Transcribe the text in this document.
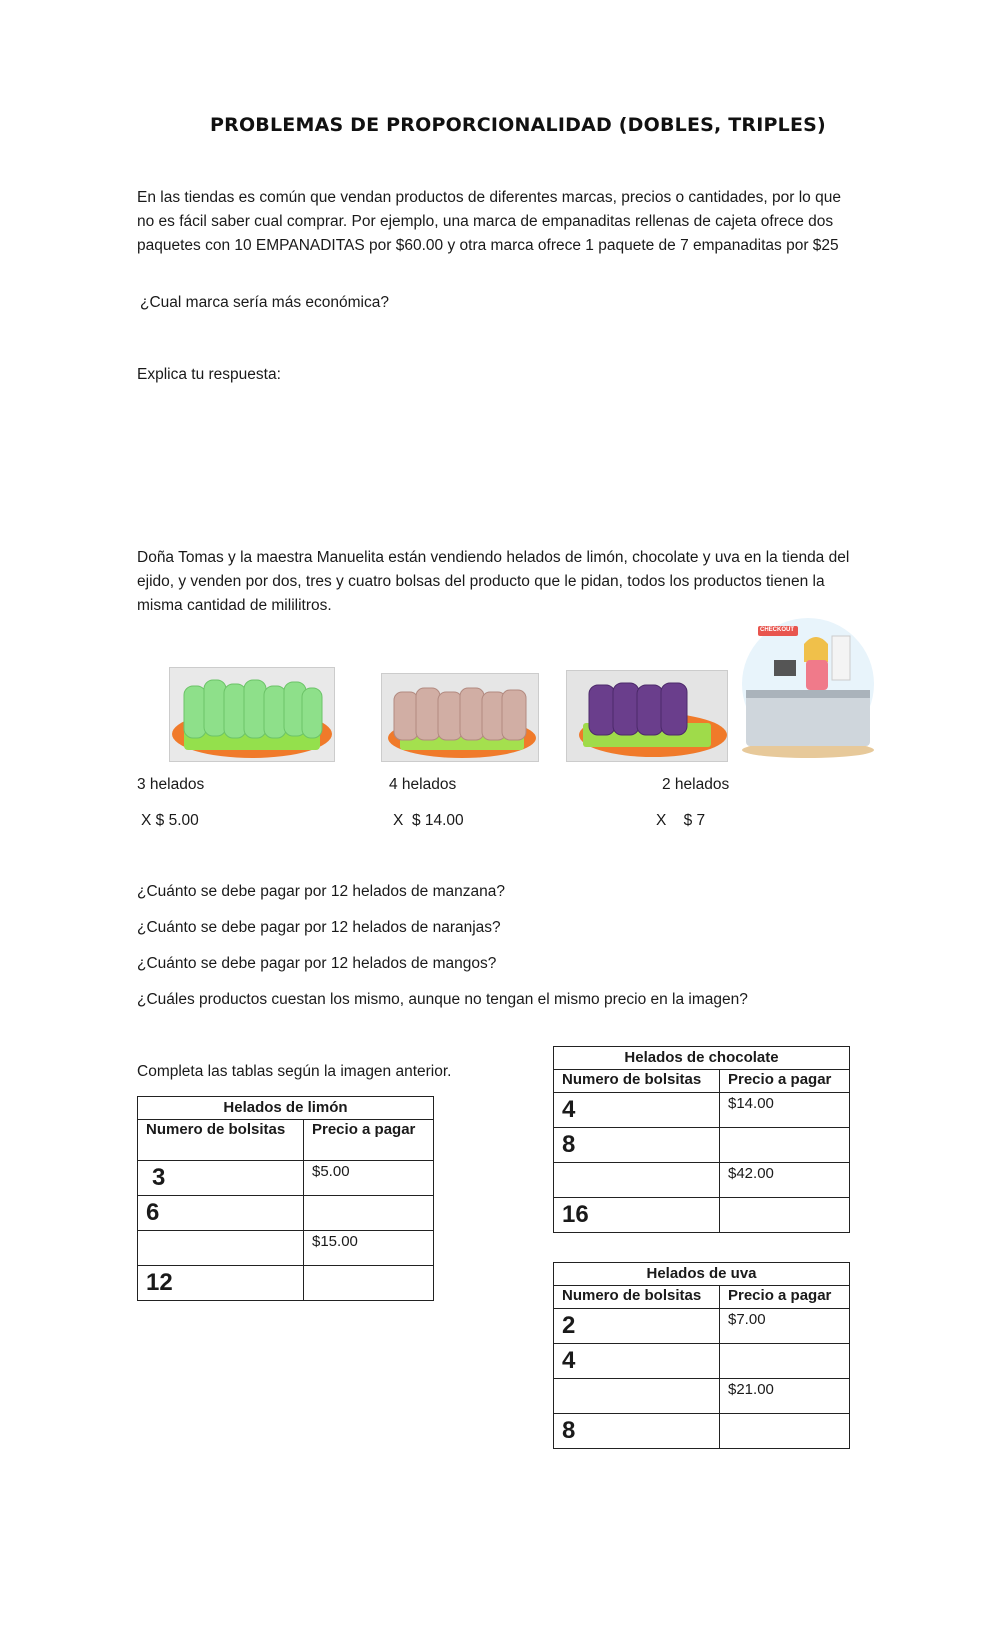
PROBLEMAS DE PROPORCIONALIDAD (DOBLES, TRIPLES)
En las tiendas es común que vendan productos de diferentes marcas, precios o cantidades, por lo que no es fácil saber cual comprar. Por ejemplo, una marca de empanaditas rellenas de cajeta ofrece dos paquetes con 10 EMPANADITAS por $60.00 y otra marca ofrece 1 paquete de 7 empanaditas por $25
¿Cual marca sería más económica?
Explica tu respuesta:
Doña Tomas y la maestra Manuelita están vendiendo helados de limón, chocolate y uva en la tienda del ejido, y venden por dos, tres y cuatro bolsas del producto que le pidan, todos los productos tienen la misma cantidad de mililitros.
CHECKOUT
3 helados	4 helados	2 helados
X $ 5.00	X  $ 14.00	X    $ 7
¿Cuánto se debe pagar por 12 helados de manzana?
¿Cuánto se debe pagar por 12 helados de naranjas?
¿Cuánto se debe pagar por 12 helados de mangos?
¿Cuáles productos cuestan los mismo, aunque no tengan el mismo precio en la imagen?
Completa las tablas según la imagen anterior.
Helados de limón	
Numero de bolsitas	Precio a pagar
3	$5.00
6	
	$15.00
12	
Helados de chocolate	
Numero de bolsitas	Precio a pagar
4	$14.00
8	
	$42.00
16	
Helados de uva	
Numero de bolsitas	Precio a pagar
2	$7.00
4	
	$21.00
8	
